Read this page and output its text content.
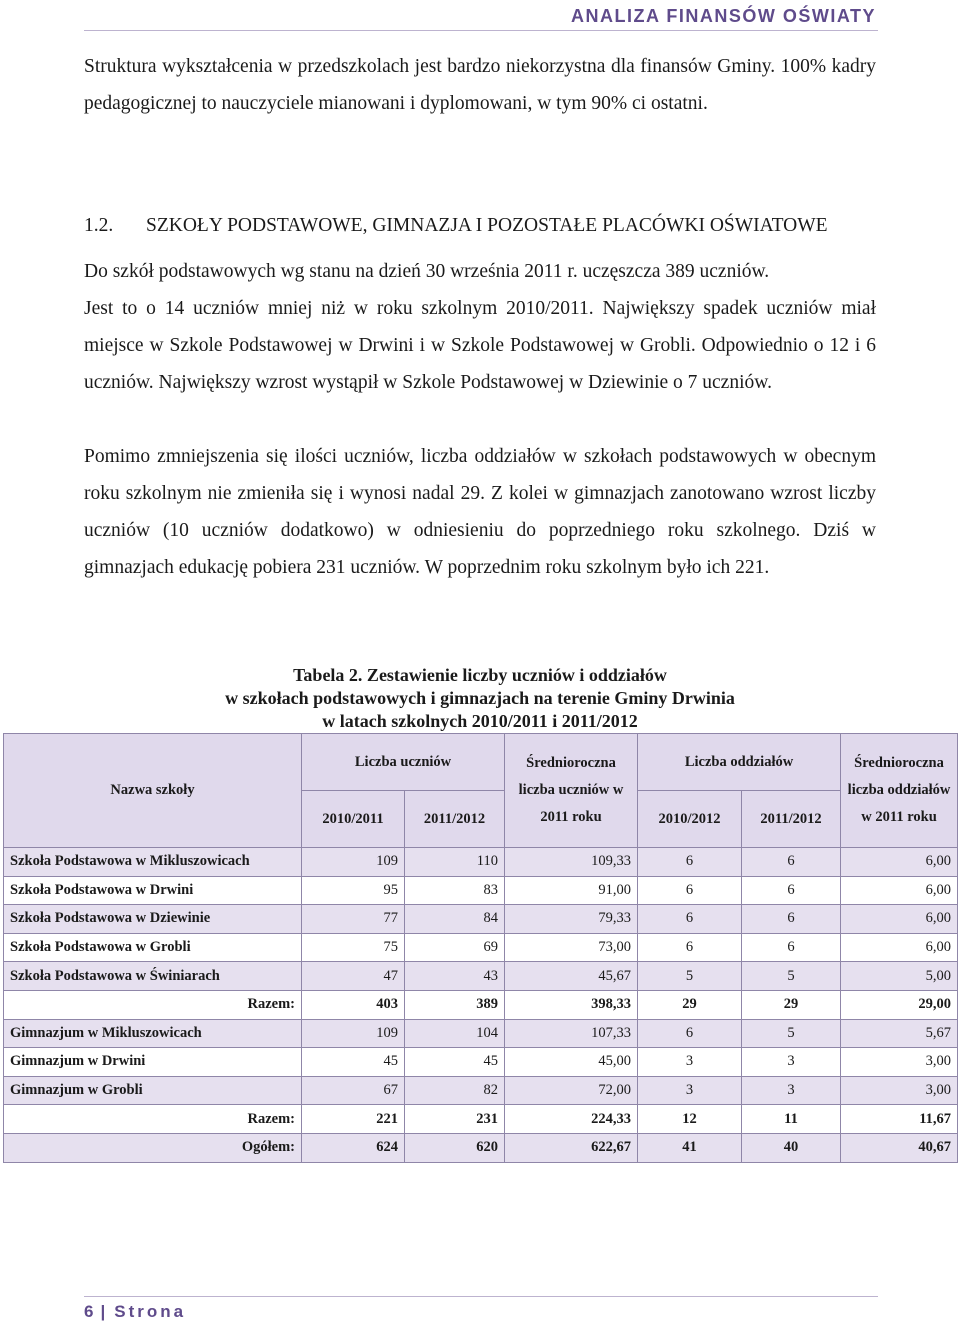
ANALIZA FINANSÓW OŚWIATY

Struktura wykształcenia w przedszkolach jest bardzo niekorzystna dla finansów Gminy. 100% kadry pedagogicznej to nauczyciele mianowani i dyplomowani, w tym 90% ci ostatni.

1.2. SZKOŁY PODSTAWOWE, GIMNAZJA I POZOSTAŁE PLACÓWKI OŚWIATOWE

Do szkół podstawowych wg stanu na dzień 30 września 2011 r. uczęszcza 389 uczniów.

Jest to o 14 uczniów mniej niż w roku szkolnym 2010/2011. Największy spadek uczniów miał miejsce w Szkole Podstawowej w Drwini i w Szkole Podstawowej w Grobli. Odpowiednio o 12 i 6 uczniów. Największy wzrost wystąpił w Szkole Podstawowej w Dziewinie o 7 uczniów.

Pomimo zmniejszenia się ilości uczniów, liczba oddziałów w szkołach podstawowych w obecnym roku szkolnym nie zmieniła się i wynosi nadal 29. Z kolei w gimnazjach zanotowano wzrost liczby uczniów (10 uczniów dodatkowo) w odniesieniu do poprzedniego roku szkolnego. Dziś w gimnazjach edukację pobiera 231 uczniów. W poprzednim roku szkolnym było ich 221.

Tabela 2. Zestawienie liczby uczniów i oddziałów
w szkołach podstawowych i gimnazjach na terenie Gminy Drwinia
w latach szkolnych 2010/2011 i 2011/2012
Nazwa szkoły	Liczba uczniów		Średnioroczna liczba uczniów w 2011 roku	Liczba oddziałów		Średnioroczna liczba oddziałów w 2011 roku
	2010/2011	2011/2012		2010/2012	2011/2012	
Szkoła Podstawowa w Mikluszowicach	109	110	109,33	6	6	6,00
Szkoła Podstawowa w Drwini	95	83	91,00	6	6	6,00
Szkoła Podstawowa w Dziewinie	77	84	79,33	6	6	6,00
Szkoła Podstawowa w Grobli	75	69	73,00	6	6	6,00
Szkoła Podstawowa w Świniarach	47	43	45,67	5	5	5,00
Razem:	403	389	398,33	29	29	29,00
Gimnazjum w Mikluszowicach	109	104	107,33	6	5	5,67
Gimnazjum w Drwini	45	45	45,00	3	3	3,00
Gimnazjum w Grobli	67	82	72,00	3	3	3,00
Razem:	221	231	224,33	12	11	11,67
Ogółem:	624	620	622,67	41	40	40,67
6 | Strona
